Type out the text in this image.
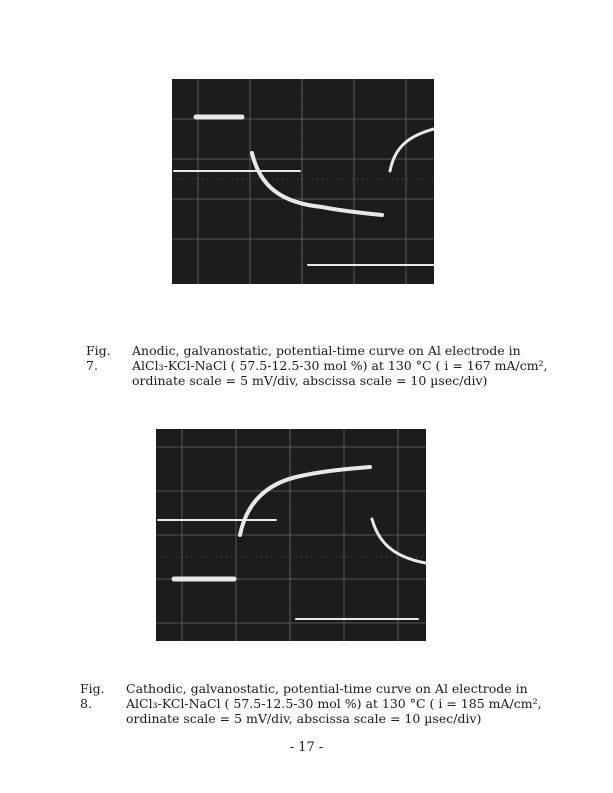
Fig. 7.
Anodic, galvanostatic, potential-time curve on Al electrode in
AlCl₃-KCl-NaCl ( 57.5-12.5-30 mol %) at 130 °C ( i = 167 mA/cm²,
ordinate scale = 5 mV/div, abscissa scale = 10 µsec/div)
Fig. 8.
Cathodic, galvanostatic, potential-time curve on Al electrode in
AlCl₃-KCl-NaCl ( 57.5-12.5-30 mol %) at 130 °C ( i = 185 mA/cm²,
ordinate scale = 5 mV/div, abscissa scale = 10 µsec/div)
- 17 -
